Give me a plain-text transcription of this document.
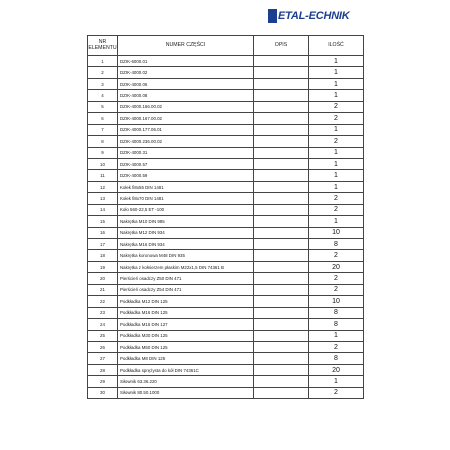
ETAL-ECHNIK
NR
ELEMENTU	NUMER CZĘŚCI	OPIS	ILOŚĆ
1	DZIK-6000.01		1
2	DZIK-4000.02		1
3	DZIK-4000.06		1
4	DZIK-4000.08		1
5	DZIK-4000.166.00.02		2
6	DZIK-4000.167.00.02		2
7	DZIK-4000.177.06.01		1
8	DZIK-4000.236.00.02		2
9	DZIK-4000.31		1
10	DZIK-4000.57		1
11	DZIK-4000.59		1
12	Kołek fi8x55 DIN 1481		1
13	Kołek fi8x70 DIN 1481		2
14	Koło 560-22,5 ET -100		2
15	Nakrętka M10 DIN 985		1
16	Nakrętka M12 DIN 934		10
17	Nakrętka M16 DIN 934		8
18	Nakrętka koronowa M48 DIN 935		2
19	Nakrętka z kołnierzem płaskim M22x1,5 DIN 74361 B		20
20	Pierścień osadczy Z50 DIN 471		2
21	Pierścień osadczy Z54 DIN 471		2
22	Podkładka M12 DIN 125		10
23	Podkładka M16 DIN 125		8
24	Podkładka M16 DIN 127		8
25	Podkładka M30 DIN 125		1
26	Podkładka M50 DIN 125		2
27	Podkładka M8 DIN 125		8
28	Podkładka sprężysta do kół DIN 74361C		20
29	Siłownik 63.36.220		1
30	Siłownik 80.50.1000		2
